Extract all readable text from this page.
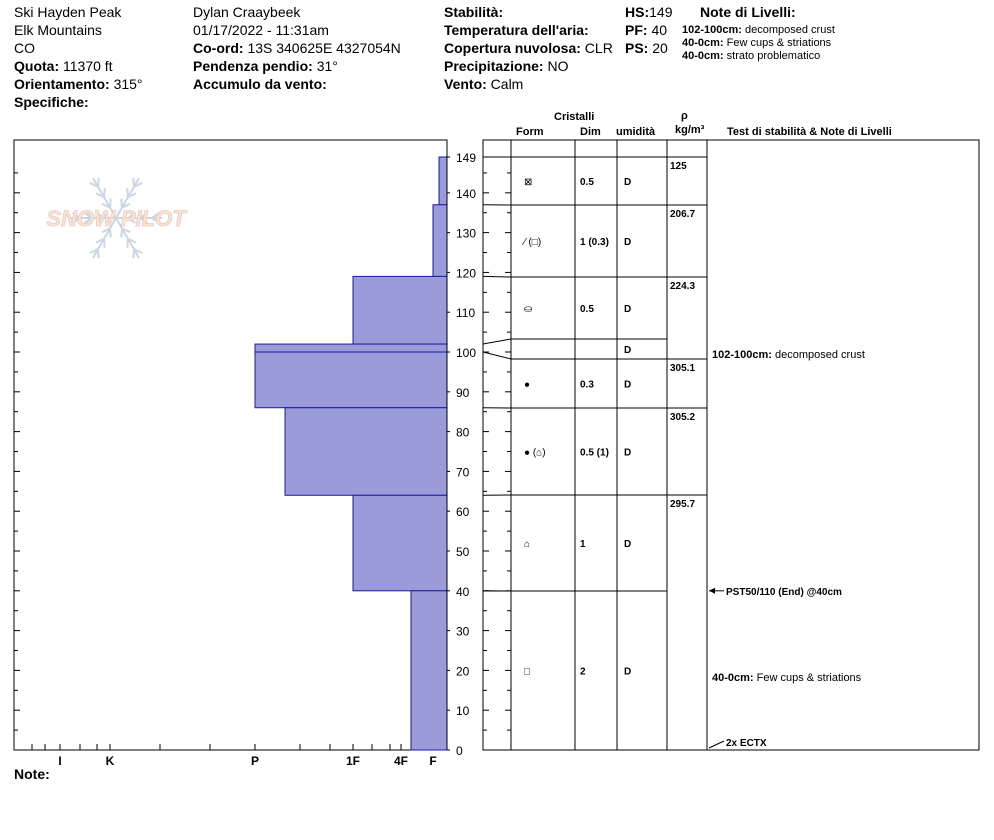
Ski Hayden Peak
Elk Mountains
CO
Quota: 11370 ft
Orientamento: 315°
Specifiche:
Dylan Craaybeek
01/17/2022 - 11:31am
Co-ord: 13S 340625E 4327054N
Pendenza pendio: 31°
Accumulo da vento:
Stabilità:
Temperatura dell'aria:
Copertura nuvolosa: CLR
Precipitazione: NO
Vento: Calm
HS:149
PF: 40
PS: 20
Note di Livelli:
102-100cm: decomposed crust
40-0cm: Few cups & striations
40-0cm: strato problematico
Cristalli
Form	Dim umidità
ρ
kg/m³ Test di stabilità & Note di Livelli
Note:
SNOW PILOT
I	K	P	1F	4F F
0
10
20
30
40
50
60
70
80
90
100
110
120
130
140
149
⊠	0.5	D
125
⁄ (□)	1 (0.3) D
206.7
⛀	0.5	D
224.3
D
●	0.3	D
305.1
● (⌂)	0.5 (1) D
305.2
⌂	1	D
295.7
□	2	D
PST50/110 (End) @40cm
2x ECTX
102-100cm: decomposed crust
40-0cm: Few cups & striations
